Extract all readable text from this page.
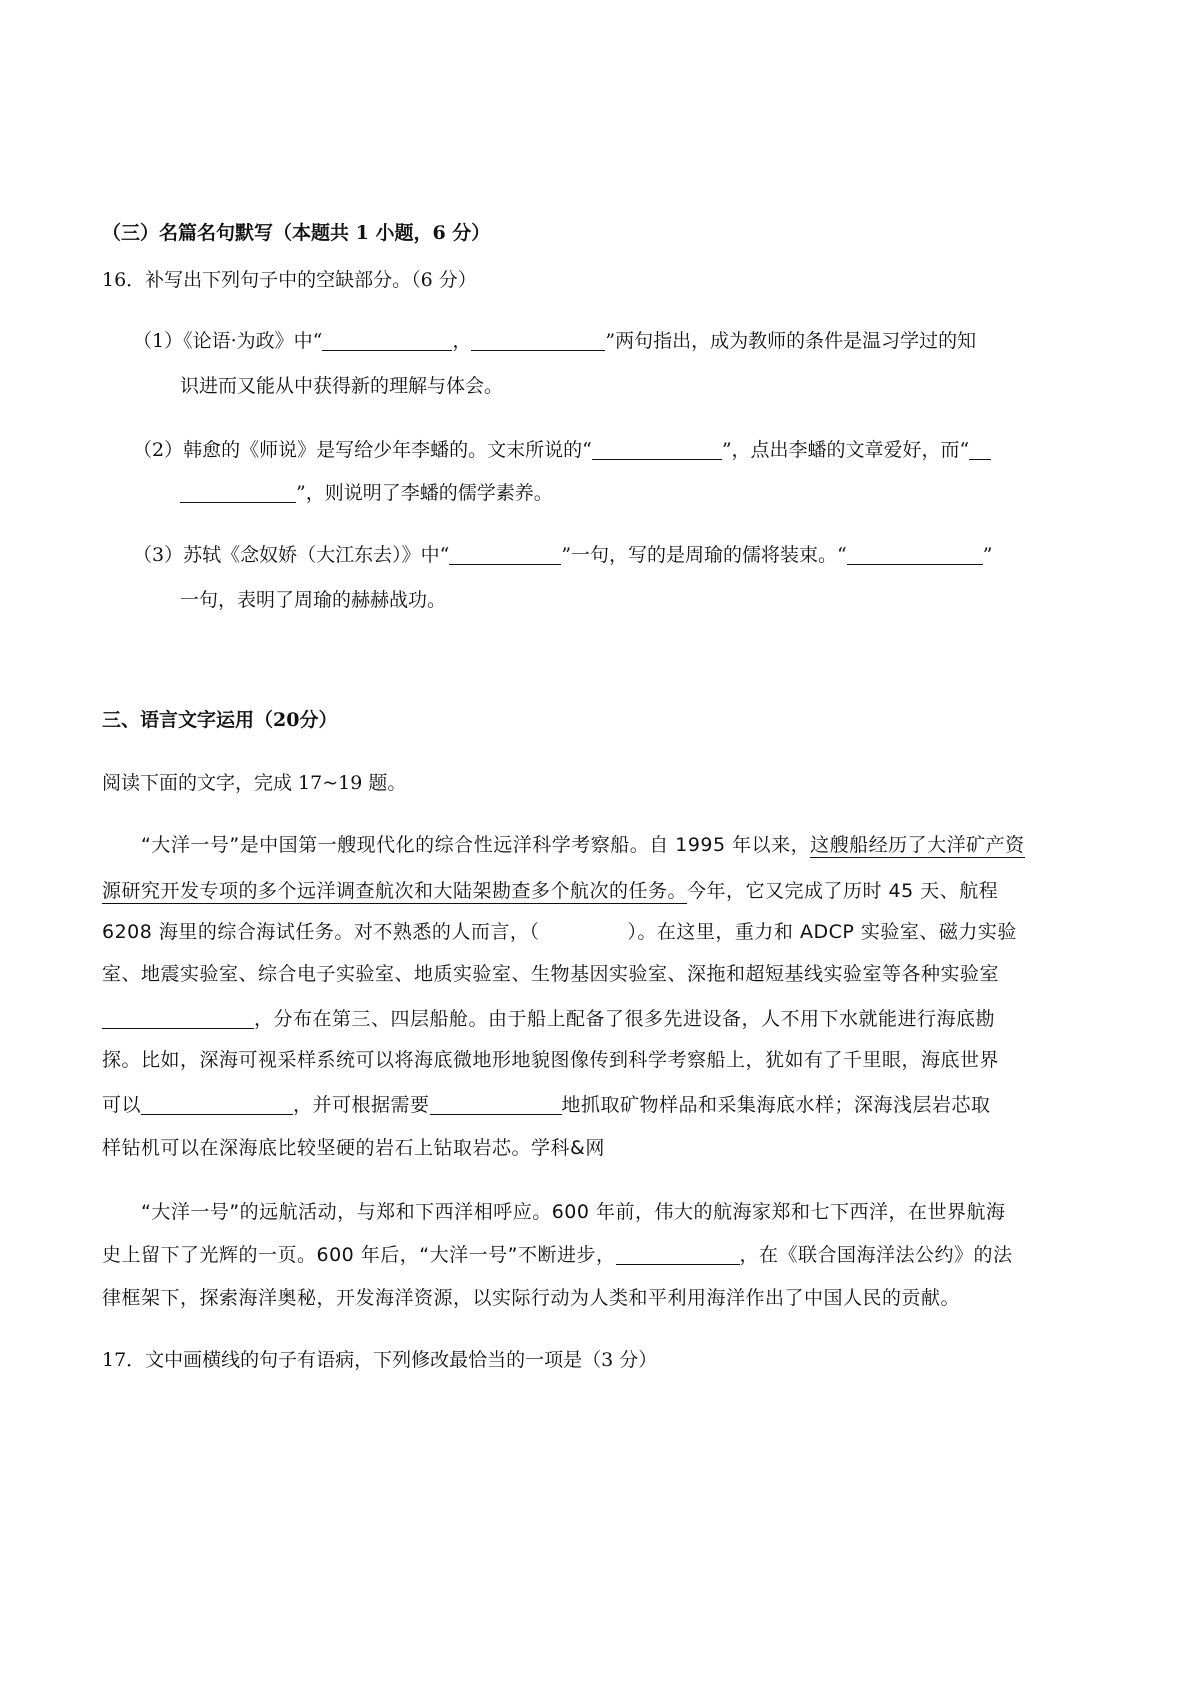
（三）名篇名句默写（本题共 1 小题，6 分）
16．补写出下列句子中的空缺部分。（6 分）
（1）《论语·为政》中“	，	”两句指出，成为教师的条件是温习学过的知
识进而又能从中获得新的理解与体会。
（2）韩愈的《师说》是写给少年李蟠的。文末所说的“	”，点出李蟠的文章爱好，而“
”，则说明了李蟠的儒学素养。
（3）苏轼《念奴娇（大江东去）》中“	”一句，写的是周瑜的儒将装束。“	”
一句，表明了周瑜的赫赫战功。
三、语言文字运用（20分）
阅读下面的文字，完成 17~19 题。
“大洋一号”是中国第一艘现代化的综合性远洋科学考察船。自 1995 年以来，这艘船经历了大洋矿产资
源研究开发专项的多个远洋调查航次和大陆架勘查多个航次的任务。今年，它又完成了历时 45 天、航程
6208 海里的综合海试任务。对不熟悉的人而言，（	）。在这里，重力和 ADCP 实验室、磁力实验
室、地震实验室、综合电子实验室、地质实验室、生物基因实验室、深拖和超短基线实验室等各种实验室
，分布在第三、四层船舱。由于船上配备了很多先进设备，人不用下水就能进行海底勘
探。比如，深海可视采样系统可以将海底微地形地貌图像传到科学考察船上，犹如有了千里眼，海底世界
可以	，并可根据需要	地抓取矿物样品和采集海底水样；深海浅层岩芯取
样钻机可以在深海底比较坚硬的岩石上钻取岩芯。学科&网
“大洋一号”的远航活动，与郑和下西洋相呼应。600 年前，伟大的航海家郑和七下西洋，在世界航海
史上留下了光辉的一页。600 年后，“大洋一号”不断进步，	，在《联合国海洋法公约》的法
律框架下，探索海洋奥秘，开发海洋资源，以实际行动为人类和平利用海洋作出了中国人民的贡献。
17．文中画横线的句子有语病，下列修改最恰当的一项是（3 分）
